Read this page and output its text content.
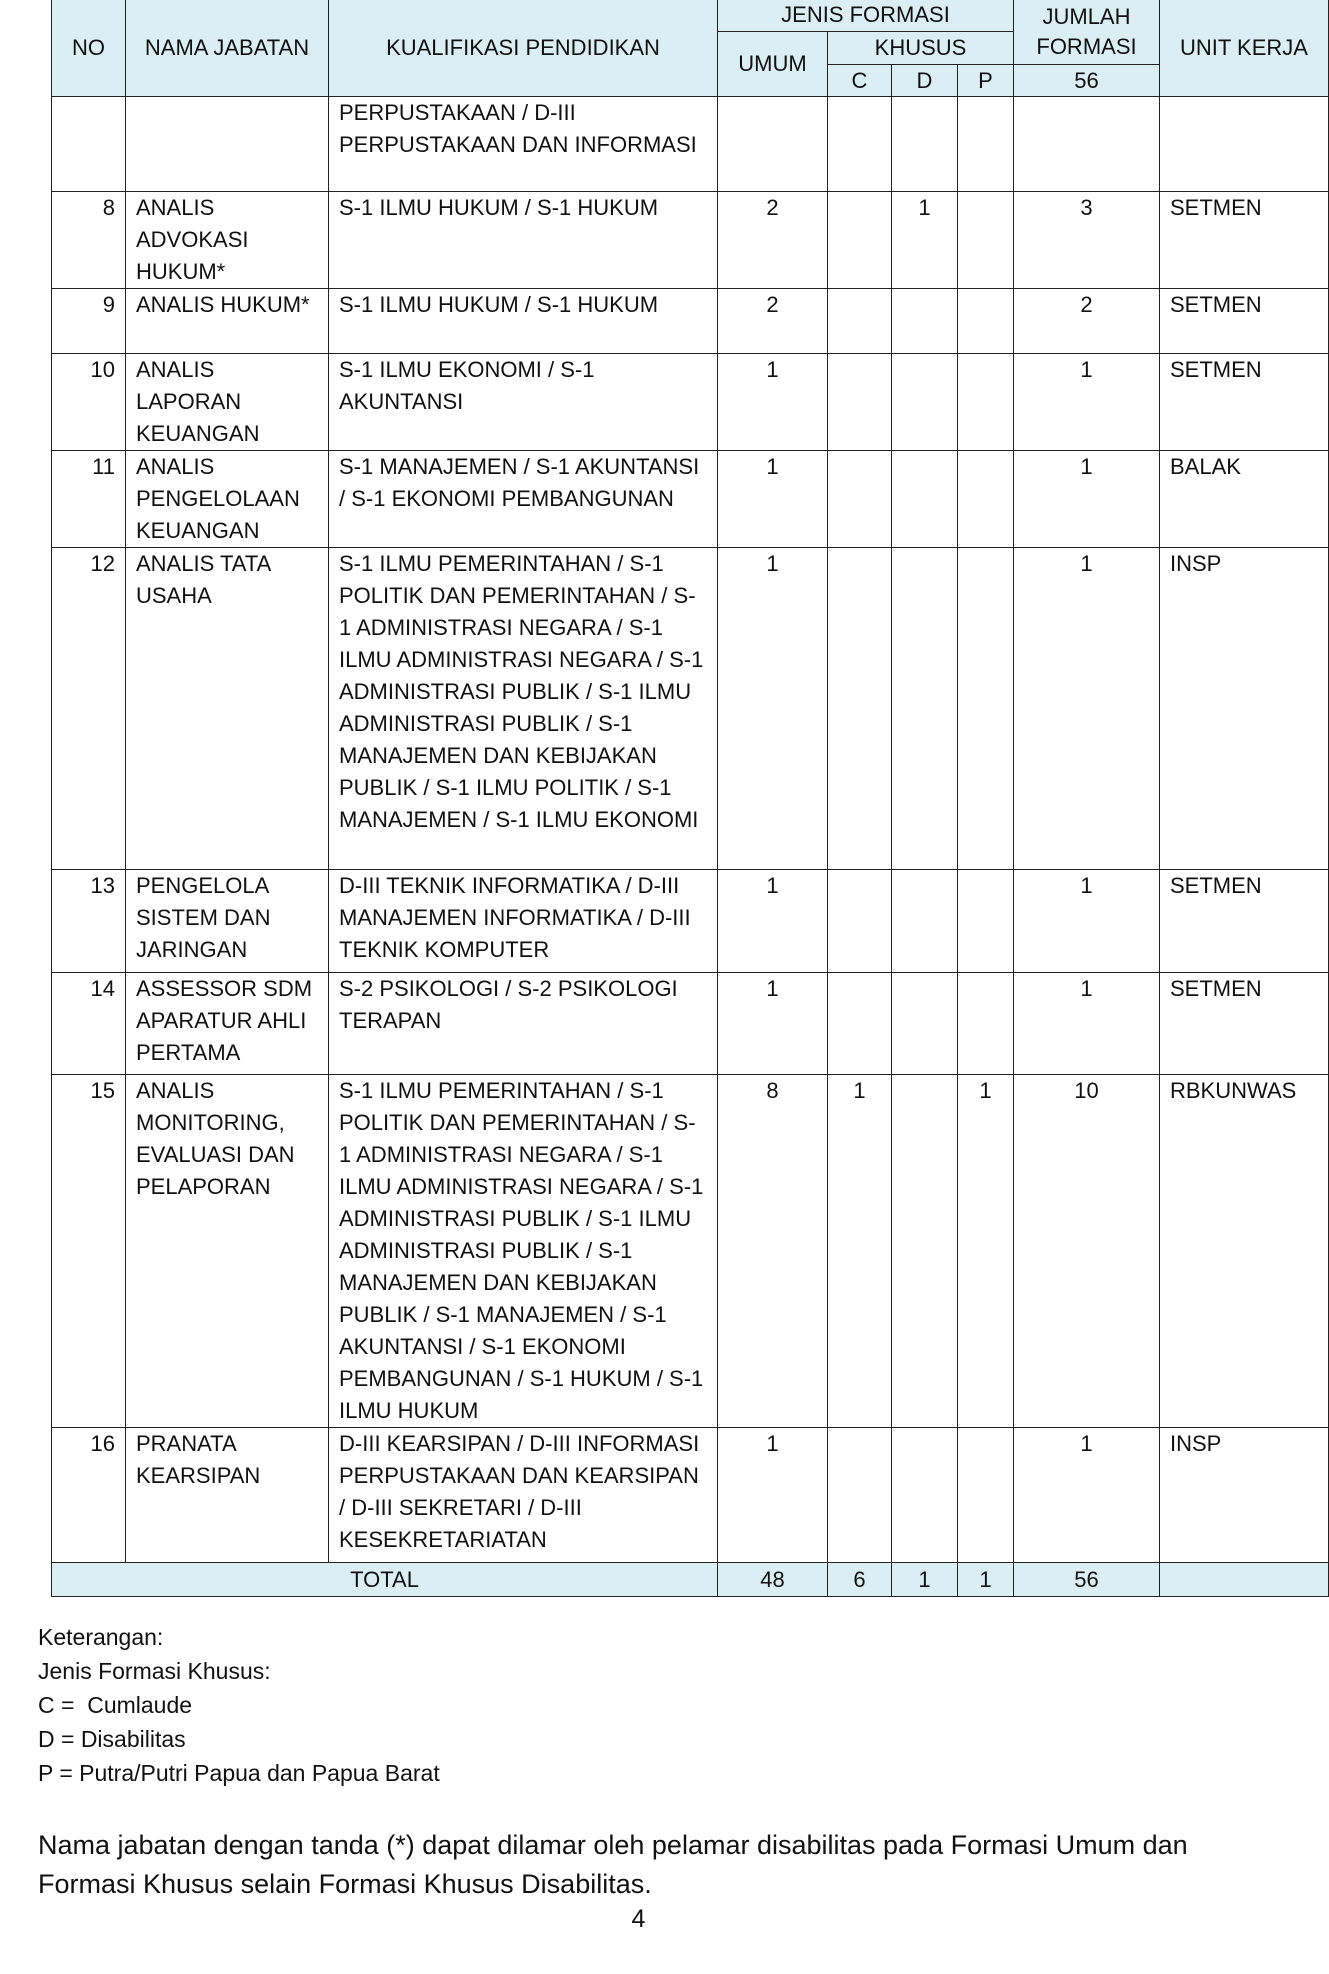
NO	NAMA JABATAN	KUALIFIKASI PENDIDIKAN	JENIS FORMASI				JUMLAH FORMASI	UNIT KERJA
			UMUM	KHUSUS				
				C	D	P	56	
		PERPUSTAKAAN / D-III PERPUSTAKAAN DAN INFORMASI						
8	ANALIS ADVOKASI HUKUM*	S-1 ILMU HUKUM / S-1 HUKUM	2		1		3	SETMEN
9	ANALIS HUKUM*	S-1 ILMU HUKUM / S-1 HUKUM	2				2	SETMEN
10	ANALIS LAPORAN KEUANGAN	S-1 ILMU EKONOMI / S-1 AKUNTANSI	1				1	SETMEN
11	ANALIS PENGELOLAAN KEUANGAN	S-1 MANAJEMEN / S-1 AKUNTANSI / S-1 EKONOMI PEMBANGUNAN	1				1	BALAK
12	ANALIS TATA USAHA	S-1 ILMU PEMERINTAHAN / S-1 POLITIK DAN PEMERINTAHAN / S-1 ADMINISTRASI NEGARA / S-1 ILMU ADMINISTRASI NEGARA / S-1 ADMINISTRASI PUBLIK / S-1 ILMU ADMINISTRASI PUBLIK / S-1 MANAJEMEN DAN KEBIJAKAN PUBLIK / S-1 ILMU POLITIK / S-1 MANAJEMEN / S-1 ILMU EKONOMI	1				1	INSP
13	PENGELOLA SISTEM DAN JARINGAN	D-III TEKNIK INFORMATIKA / D-III MANAJEMEN INFORMATIKA / D-III TEKNIK KOMPUTER	1				1	SETMEN
14	ASSESSOR SDM APARATUR AHLI PERTAMA	S-2 PSIKOLOGI / S-2 PSIKOLOGI TERAPAN	1				1	SETMEN
15	ANALIS MONITORING, EVALUASI DAN PELAPORAN	S-1 ILMU PEMERINTAHAN / S-1 POLITIK DAN PEMERINTAHAN / S-1 ADMINISTRASI NEGARA / S-1 ILMU ADMINISTRASI NEGARA / S-1 ADMINISTRASI PUBLIK / S-1 ILMU ADMINISTRASI PUBLIK / S-1 MANAJEMEN DAN KEBIJAKAN PUBLIK / S-1 MANAJEMEN / S-1 AKUNTANSI / S-1 EKONOMI PEMBANGUNAN / S-1 HUKUM / S-1 ILMU HUKUM	8	1		1	10	RBKUNWAS
16	PRANATA KEARSIPAN	D-III KEARSIPAN / D-III INFORMASI PERPUSTAKAAN DAN KEARSIPAN / D-III SEKRETARI / D-III KESEKRETARIATAN	1				1	INSP
TOTAL			48	6	1	1	56	
Keterangan:
Jenis Formasi Khusus:
C =  Cumlaude
D = Disabilitas
P = Putra/Putri Papua dan Papua Barat
Nama jabatan dengan tanda (*) dapat dilamar oleh pelamar disabilitas pada Formasi Umum dan Formasi Khusus selain Formasi Khusus Disabilitas.
4
